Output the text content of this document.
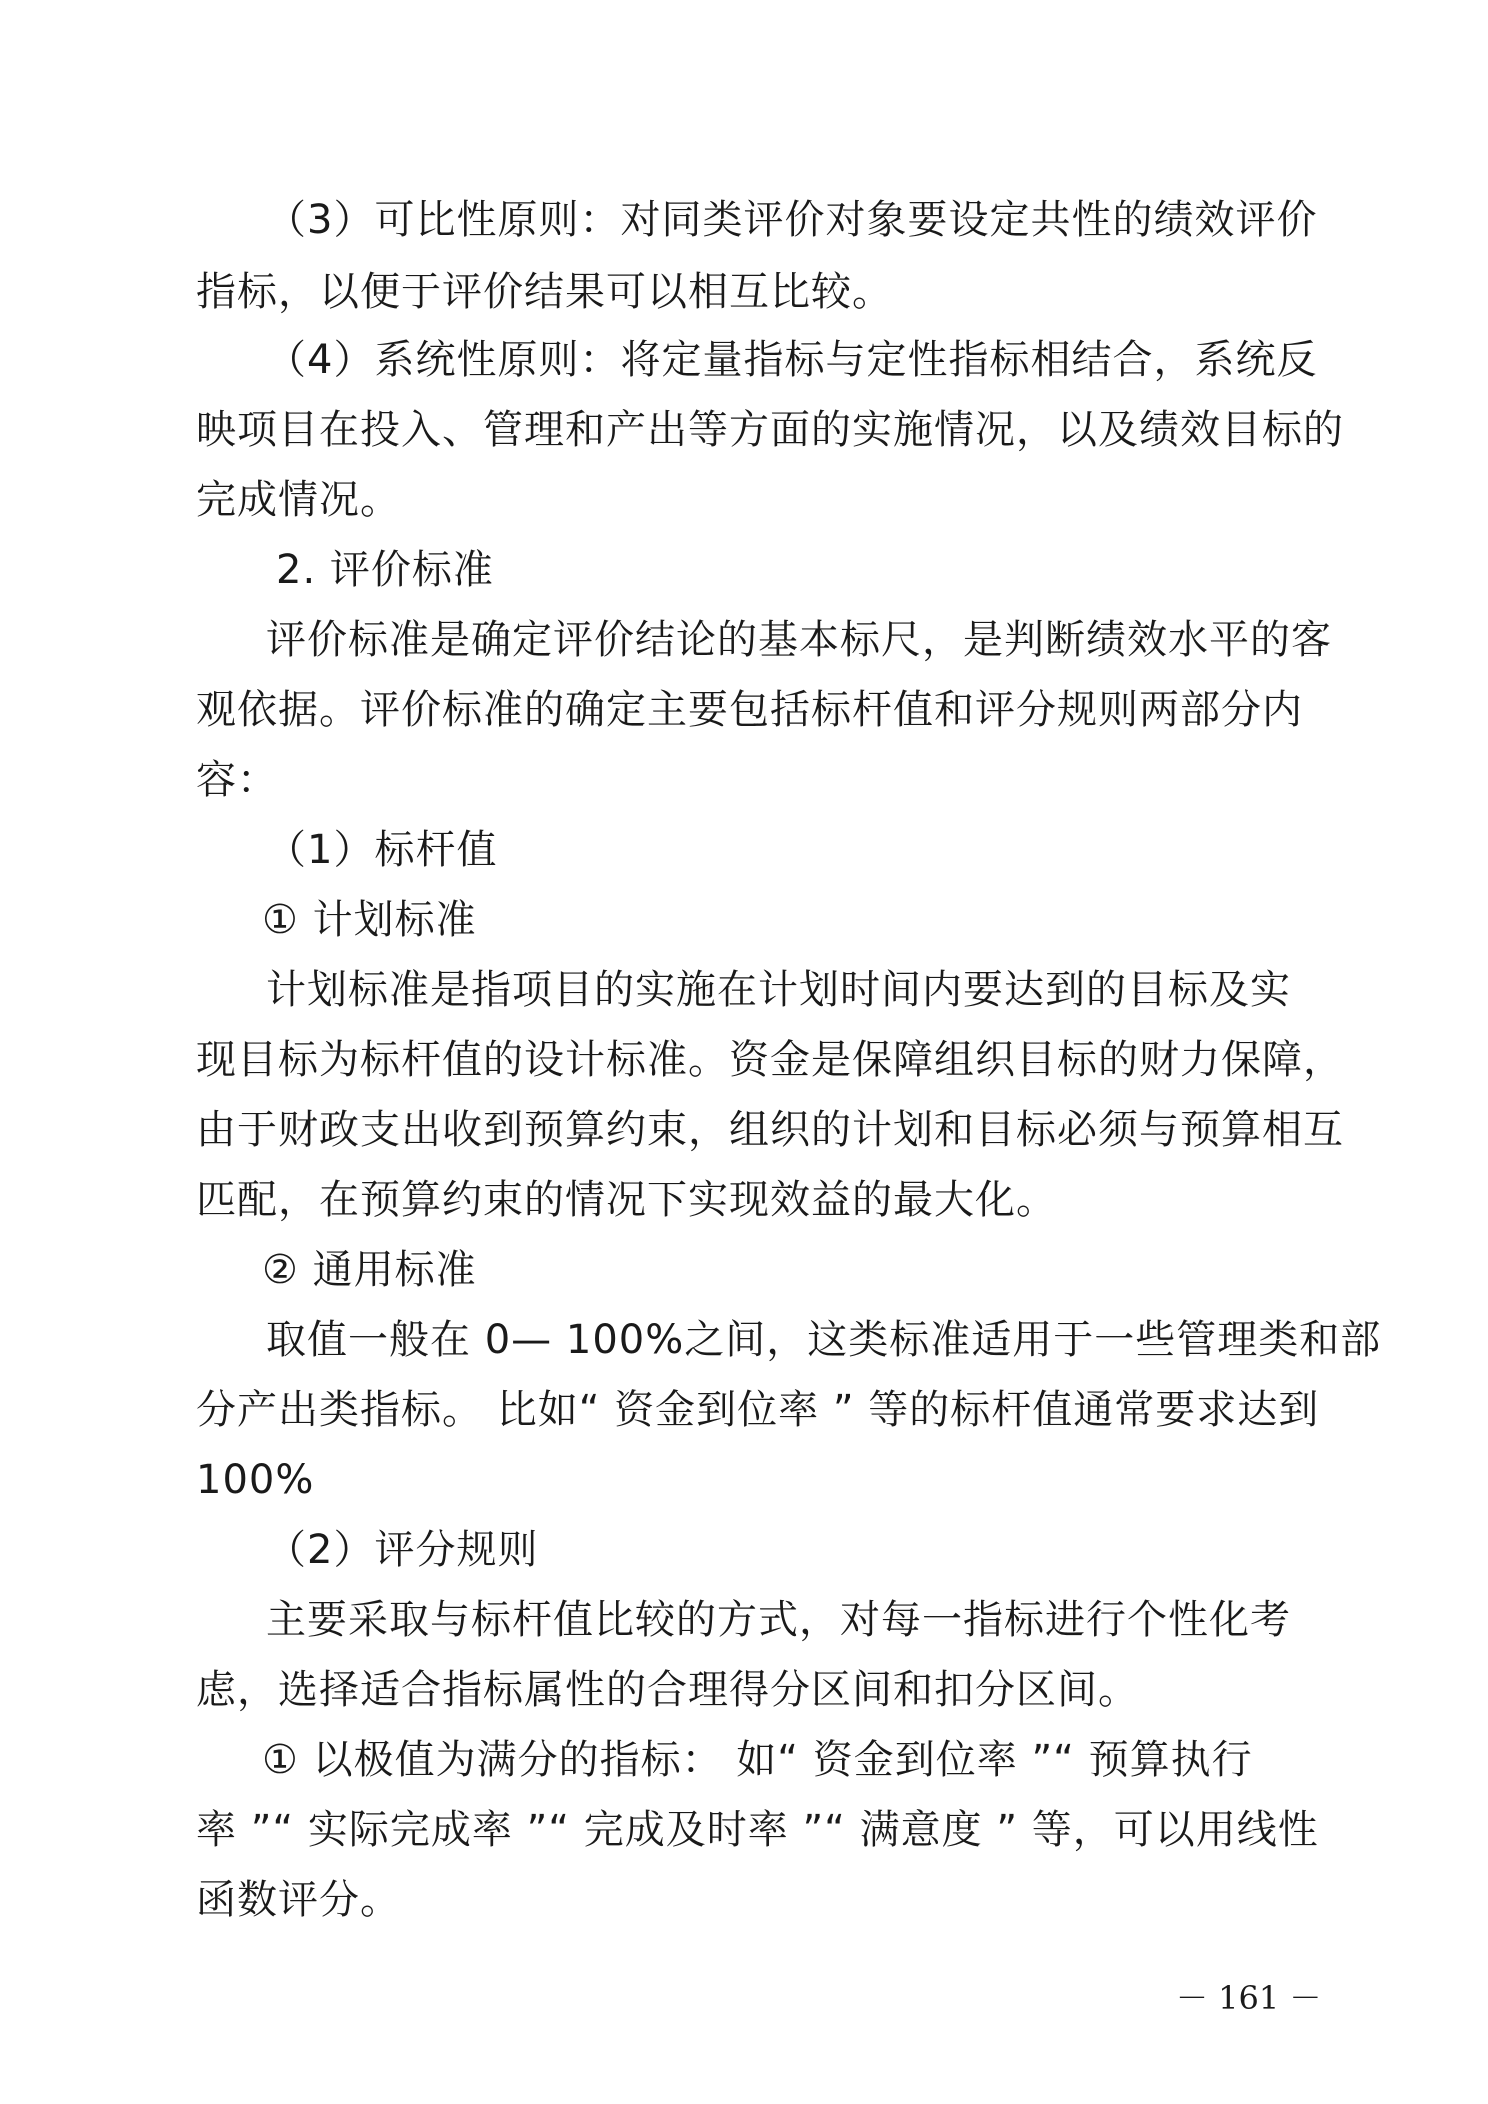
（3）可比性原则：对同类评价对象要设定共性的绩效评价
指标，以便于评价结果可以相互比较。
（4）系统性原则：将定量指标与定性指标相结合，系统反
映项目在投入、管理和产出等方面的实施情况，以及绩效目标的
完成情况。
2. 评价标准
评价标准是确定评价结论的基本标尺，是判断绩效水平的客
观依据。评价标准的确定主要包括标杆值和评分规则两部分内
容：
（1）标杆值
① 计划标准
计划标准是指项目的实施在计划时间内要达到的目标及实
现目标为标杆值的设计标准。资金是保障组织目标的财力保障，
由于财政支出收到预算约束，组织的计划和目标必须与预算相互
匹配，在预算约束的情况下实现效益的最大化。
② 通用标准
取值一般在 0— 100%之间，这类标准适用于一些管理类和部
分产出类指标。 比如“ 资金到位率 ” 等的标杆值通常要求达到
100%
（2）评分规则
主要采取与标杆值比较的方式，对每一指标进行个性化考
虑，选择适合指标属性的合理得分区间和扣分区间。
① 以极值为满分的指标： 如“ 资金到位率 ”“ 预算执行
率 ”“ 实际完成率 ”“ 完成及时率 ”“ 满意度 ” 等，可以用线性
函数评分。
－ 161 －
